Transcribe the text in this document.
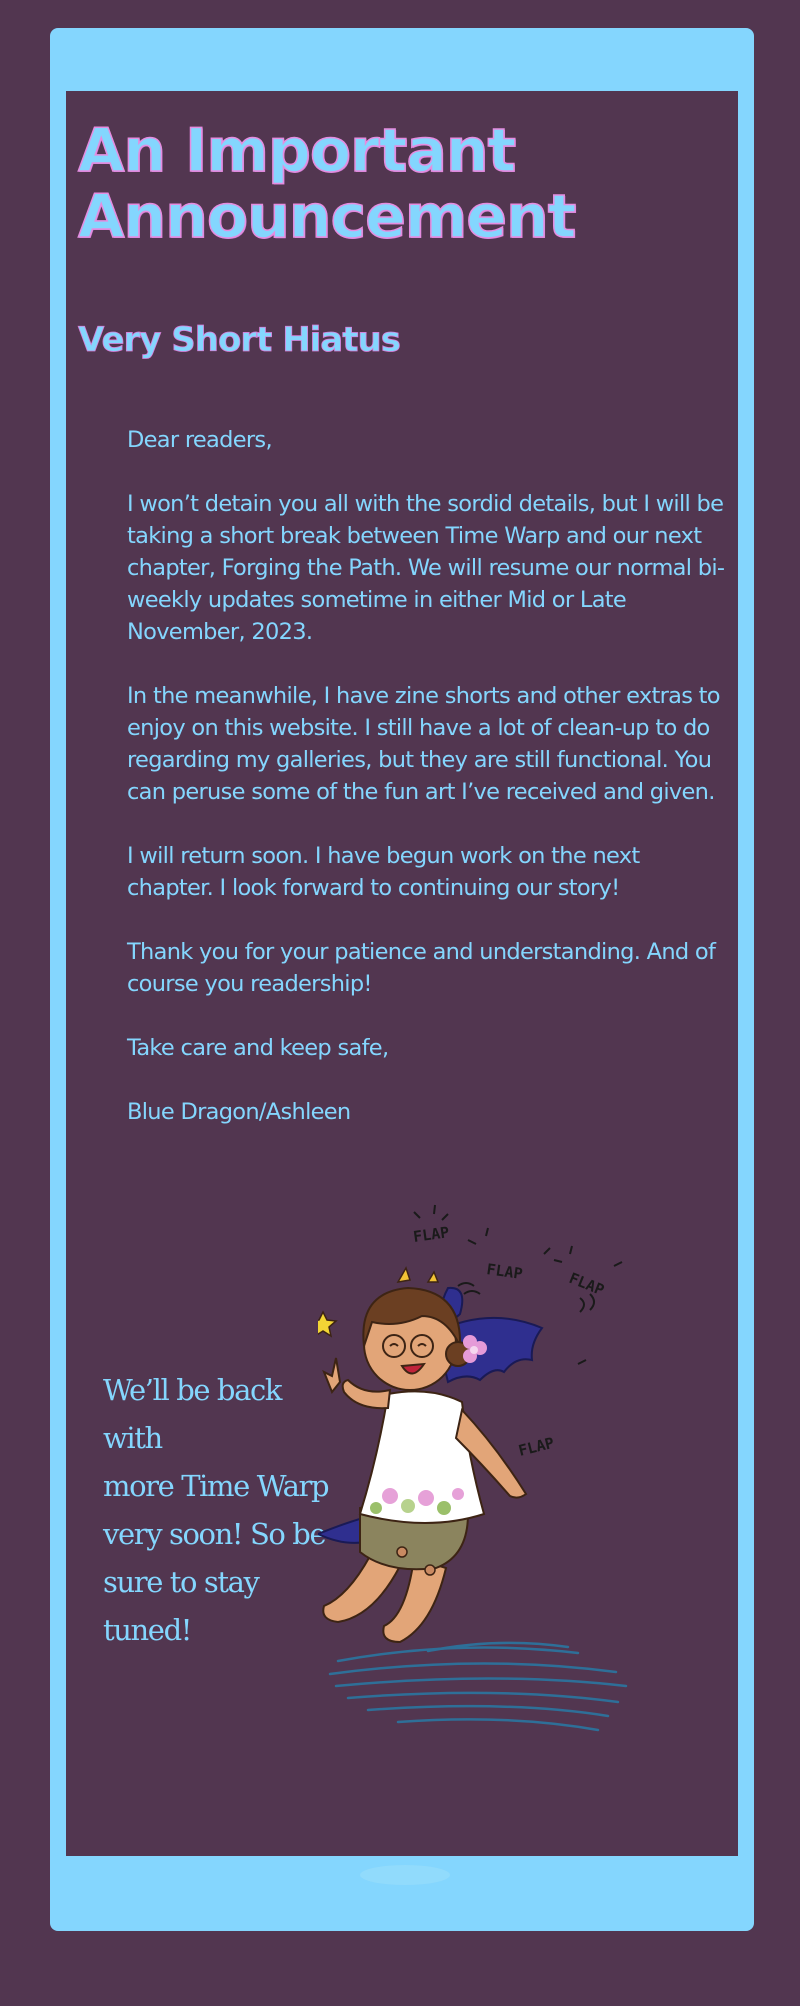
An Important
Announcement
Very Short Hiatus

Dear readers,

I won’t detain you all with the sordid details, but I will be taking a short break between Time Warp and our next chapter, Forging the Path. We will resume our normal bi-weekly updates sometime in either Mid or Late November, 2023.

In the meanwhile, I have zine shorts and other extras to enjoy on this website. I still have a lot of clean-up to do regarding my galleries, but they are still functional. You can peruse some of the fun art I’ve received and given.

I will return soon. I have begun work on the next chapter. I look forward to continuing our story!

Thank you for your patience and understanding. And of course you readership!

Take care and keep safe,

Blue Dragon/Ashleen

We’ll be back with
more Time Warp
very soon! So be
sure to stay
tuned!
FLAP
FLAP	FLAP
FLAP
